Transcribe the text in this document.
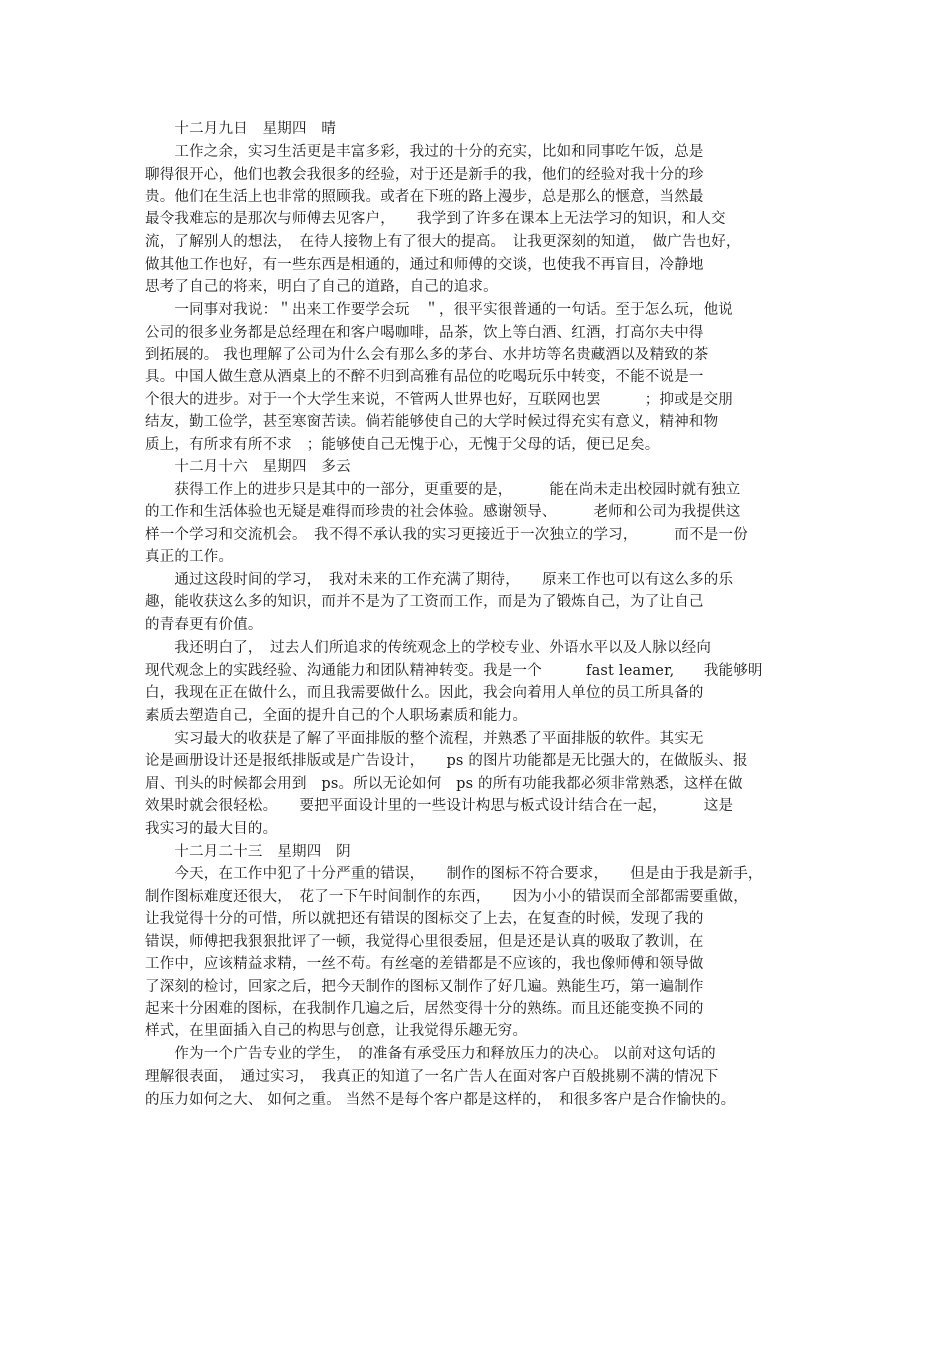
　　十二月九日　星期四　晴
　　工作之余，实习生活更是丰富多彩，我过的十分的充实，比如和同事吃午饭，总是
聊得很开心，他们也教会我很多的经验，对于还是新手的我，他们的经验对我十分的珍
贵。他们在生活上也非常的照顾我。或者在下班的路上漫步，总是那么的惬意，当然最
最令我难忘的是那次与师傅去见客户，　　我学到了许多在课本上无法学习的知识，和人交
流，了解别人的想法，　在待人接物上有了很大的提高。　让我更深刻的知道，　做广告也好，
做其他工作也好，有一些东西是相通的，通过和师傅的交谈，也使我不再盲目，冷静地
思考了自己的将来，明白了自己的道路，自己的追求。
　　一同事对我说：＂出来工作要学会玩　＂，很平实很普通的一句话。至于怎么玩，他说
公司的很多业务都是总经理在和客户喝咖啡，品茶，饮上等白酒、红酒，打高尔夫中得
到拓展的。 我也理解了公司为什么会有那么多的茅台、水井坊等名贵藏酒以及精致的茶
具。中国人做生意从酒桌上的不醉不归到高雅有品位的吃喝玩乐中转变，不能不说是一
个很大的进步。对于一个大学生来说，不管两人世界也好，互联网也罢　　　；抑或是交朋
结友，勤工俭学，甚至寒窗苦读。倘若能够使自己的大学时候过得充实有意义，精神和物
质上，有所求有所不求　；能够使自己无愧于心，无愧于父母的话，便已足矣。
　　十二月十六　星期四　多云
　　获得工作上的进步只是其中的一部分，更重要的是，　　　能在尚未走出校园时就有独立
的工作和生活体验也无疑是难得而珍贵的社会体验。感谢领导、　　　老师和公司为我提供这
样一个学习和交流机会。　我不得不承认我的实习更接近于一次独立的学习，　　　而不是一份
真正的工作。
　　通过这段时间的学习，　我对未来的工作充满了期待，　　原来工作也可以有这么多的乐
趣，能收获这么多的知识，而并不是为了工资而工作，而是为了锻炼自己，为了让自己
的青春更有价值。
　　我还明白了，　过去人们所追求的传统观念上的学校专业、外语水平以及人脉以经向
现代观念上的实践经验、沟通能力和团队精神转变。我是一个　　　fast leamer,　　我能够明
白，我现在正在做什么，而且我需要做什么。因此，我会向着用人单位的员工所具备的
素质去塑造自己，全面的提升自己的个人职场素质和能力。
　　实习最大的收获是了解了平面排版的整个流程，并熟悉了平面排版的软件。其实无
论是画册设计还是报纸排版或是广告设计，　　ps 的图片功能都是无比强大的，在做版头、报
眉、刊头的时候都会用到　ps。所以无论如何　ps 的所有功能我都必须非常熟悉，这样在做
效果时就会很轻松。　　要把平面设计里的一些设计构思与板式设计结合在一起，　　　这是
我实习的最大目的。
　　十二月二十三　星期四　阴
　　今天，在工作中犯了十分严重的错误，　　制作的图标不符合要求，　　但是由于我是新手，
制作图标难度还很大，　花了一下午时间制作的东西，　　因为小小的错误而全部都需要重做，
让我觉得十分的可惜，所以就把还有错误的图标交了上去，在复查的时候，发现了我的
错误，师傅把我狠狠批评了一顿，我觉得心里很委屈，但是还是认真的吸取了教训，在
工作中，应该精益求精，一丝不苟。有丝毫的差错都是不应该的，我也像师傅和领导做
了深刻的检讨，回家之后，把今天制作的图标又制作了好几遍。熟能生巧，第一遍制作
起来十分困难的图标，在我制作几遍之后，居然变得十分的熟练。而且还能变换不同的
样式，在里面插入自己的构思与创意，让我觉得乐趣无穷。
　　作为一个广告专业的学生，　的准备有承受压力和释放压力的决心。 以前对这句话的
理解很表面，　通过实习，　我真正的知道了一名广告人在面对客户百般挑剔不满的情况下
的压力如何之大、 如何之重。 当然不是每个客户都是这样的，　和很多客户是合作愉快的。
